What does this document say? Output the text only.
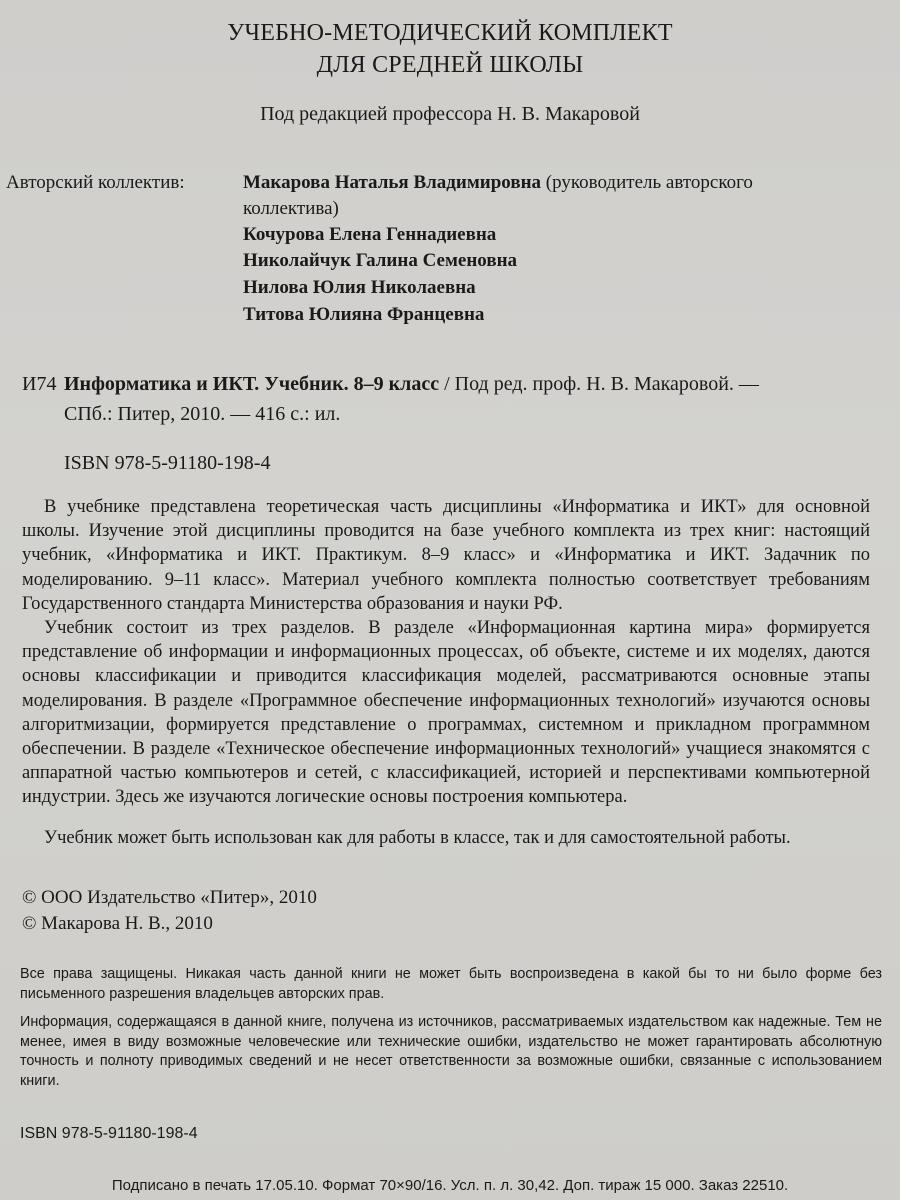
УЧЕБНО-МЕТОДИЧЕСКИЙ КОМПЛЕКТ
ДЛЯ СРЕДНЕЙ ШКОЛЫ
Под редакцией профессора Н. В. Макаровой
Авторский коллектив:	Макарова Наталья Владимировна (руководитель авторского
коллектива)
Кочурова Елена Геннадиевна
Николайчук Галина Семеновна
Нилова Юлия Николаевна
Титова Юлияна Францевна
И74 Информатика и ИКТ. Учебник. 8–9 класс / Под ред. проф. Н. В. Макаровой. —
СПб.: Питер, 2010. — 416 с.: ил.
ISBN 978-5-91180-198-4
В учебнике представлена теоретическая часть дисциплины «Информатика и ИКТ» для основной школы. Изучение этой дисциплины проводится на базе учебного комплекта из трех книг: настоящий учебник, «Информатика и ИКТ. Практикум. 8–9 класс» и «Информатика и ИКТ. Задачник по моделированию. 9–11 класс». Материал учебного комплекта полностью соответствует требованиям Государственного стандарта Министерства образования и науки РФ.
Учебник состоит из трех разделов. В разделе «Информационная картина мира» формируется представление об информации и информационных процессах, об объекте, системе и их моделях, даются основы классификации и приводится классификация моделей, рассматриваются основные этапы моделирования. В разделе «Программное обеспечение информационных технологий» изучаются основы алгоритмизации, формируется представление о программах, системном и прикладном программном обеспечении. В разделе «Техническое обеспечение информационных технологий» учащиеся знакомятся с аппаратной частью компьютеров и сетей, с классификацией, историей и перспективами компьютерной индустрии. Здесь же изучаются логические основы построения компьютера.
Учебник может быть использован как для работы в классе, так и для самостоятельной работы.
© ООО Издательство «Питер», 2010
© Макарова Н. В., 2010
Все права защищены. Никакая часть данной книги не может быть воспроизведена в какой бы то ни было форме без письменного разрешения владельцев авторских прав.
Информация, содержащаяся в данной книге, получена из источников, рассматриваемых издательством как надежные. Тем не менее, имея в виду возможные человеческие или технические ошибки, издательство не может гарантировать абсолютную точность и полноту приводимых сведений и не несет ответственности за возможные ошибки, связанные с использованием книги.
ISBN 978-5-91180-198-4
Подписано в печать 17.05.10. Формат 70×90/16. Усл. п. л. 30,42. Доп. тираж 15 000. Заказ 22510.
